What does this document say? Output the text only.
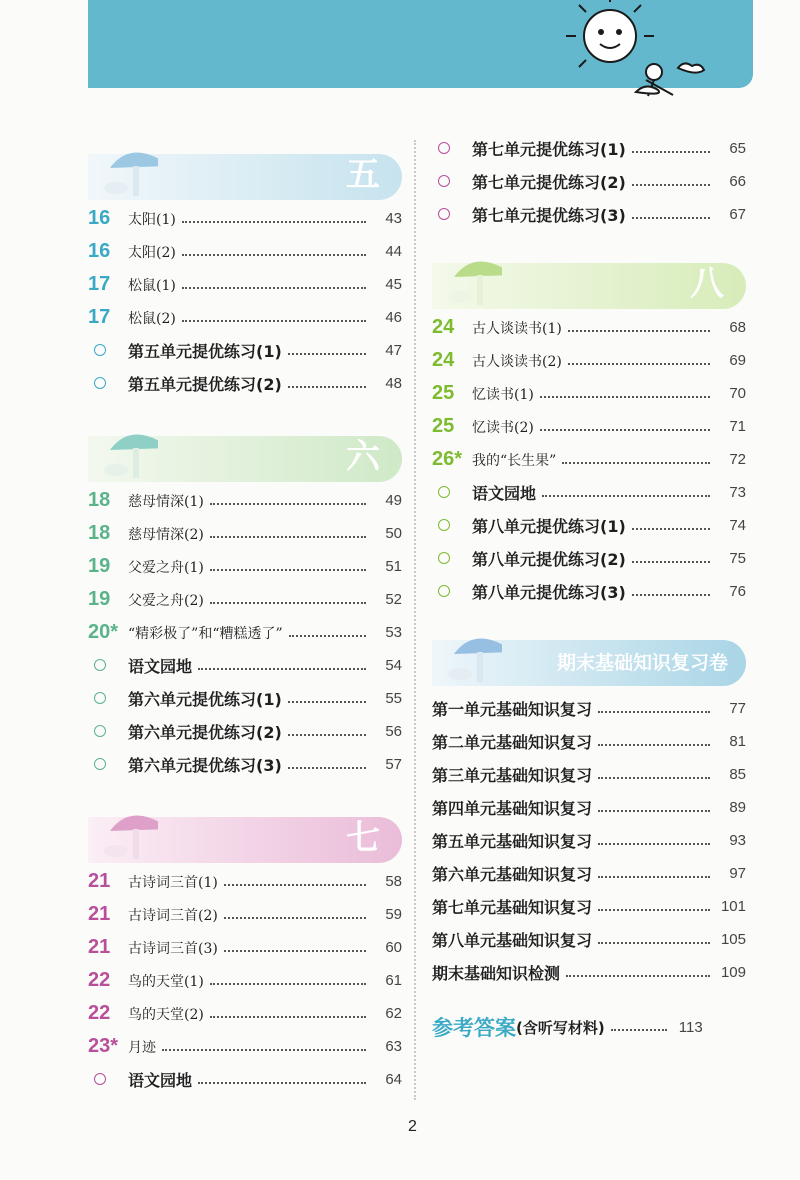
五
16	太阳(1)	43
16	太阳(2)	44
17	松鼠(1)	45
17	松鼠(2)	46
第五单元提优练习(1)	47
第五单元提优练习(2)	48
六
18	慈母情深(1)	49
18	慈母情深(2)	50
19	父爱之舟(1)	51
19	父爱之舟(2)	52
20* “精彩极了”和“糟糕透了”	53
语文园地	54
第六单元提优练习(1)	55
第六单元提优练习(2)	56
第六单元提优练习(3)	57
七
21	古诗词三首(1)	58
21	古诗词三首(2)	59
21	古诗词三首(3)	60
22	鸟的天堂(1)	61
22	鸟的天堂(2)	62
23* 月迹	63
语文园地	64
第七单元提优练习(1)	65
第七单元提优练习(2)	66
第七单元提优练习(3)	67
八
24	古人谈读书(1)	68
24	古人谈读书(2)	69
25	忆读书(1)	70
25	忆读书(2)	71
26* 我的“长生果”	72
语文园地	73
第八单元提优练习(1)	74
第八单元提优练习(2)	75
第八单元提优练习(3)	76
期末基础知识复习卷
第一单元基础知识复习	77
第二单元基础知识复习	81
第三单元基础知识复习	85
第四单元基础知识复习	89
第五单元基础知识复习	93
第六单元基础知识复习	97
第七单元基础知识复习	101
第八单元基础知识复习	105
期末基础知识检测	109
参考答案 (含听写材料)	113
2
